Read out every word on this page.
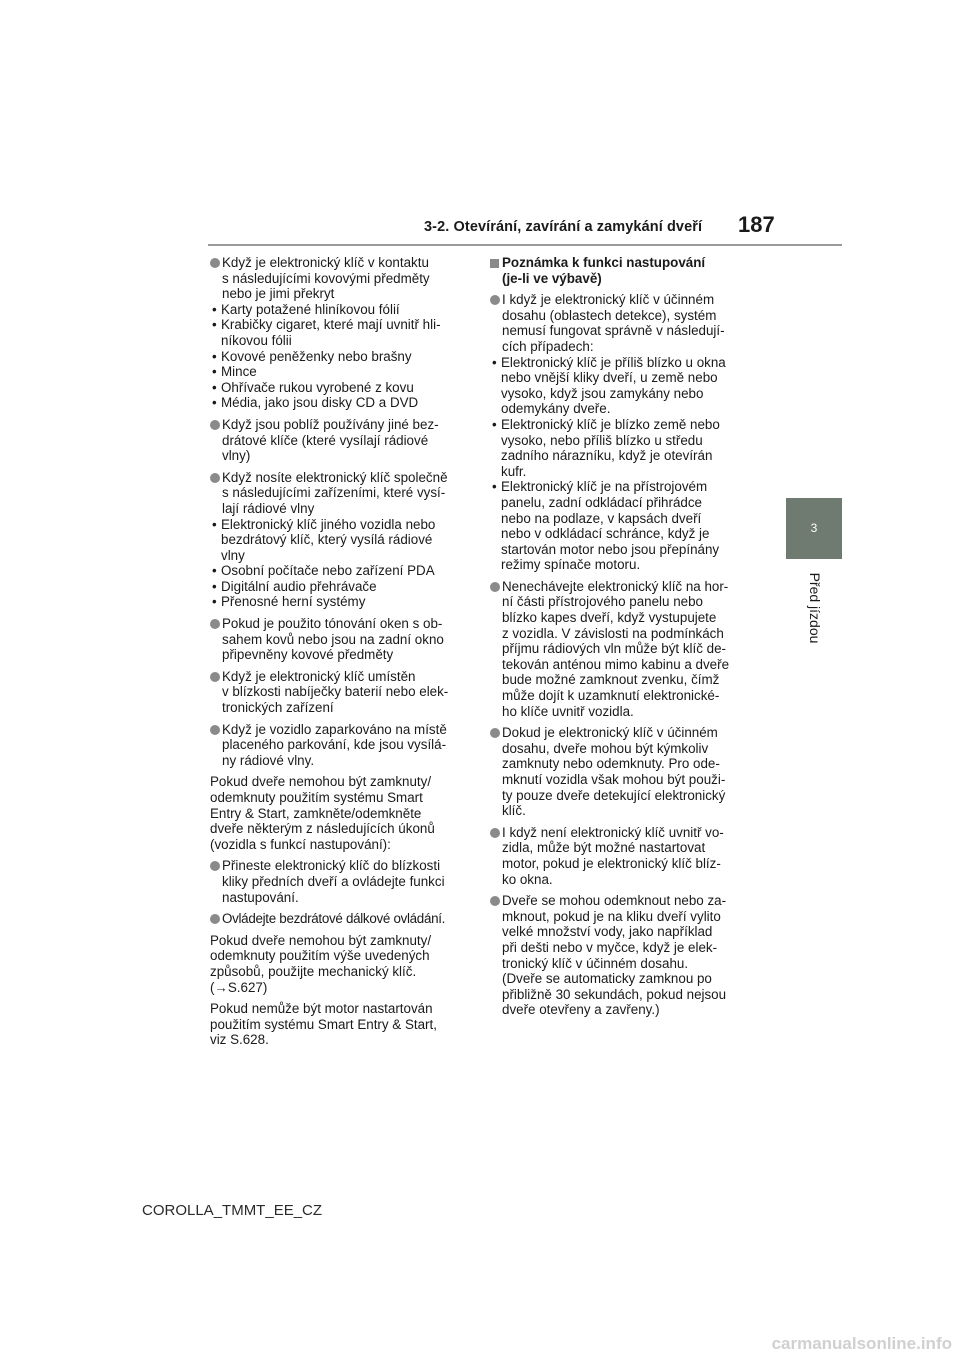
3-2. Otevírání, zavírání a zamykání dveří 187
3
Před jízdou
Když je elektronický klíč v kontaktu
s následujícími kovovými předměty
nebo je jimi překryt
• Karty potažené hliníkovou fólií
• Krabičky cigaret, které mají uvnitř hli-
níkovou fólii
• Kovové peněženky nebo brašny
• Mince
• Ohřívače rukou vyrobené z kovu
• Média, jako jsou disky CD a DVD
Když jsou poblíž používány jiné bez-
drátové klíče (které vysílají rádiové
vlny)
Když nosíte elektronický klíč společně
s následujícími zařízeními, které vysí-
lají rádiové vlny
• Elektronický klíč jiného vozidla nebo
bezdrátový klíč, který vysílá rádiové
vlny
• Osobní počítače nebo zařízení PDA
• Digitální audio přehrávače
• Přenosné herní systémy
Pokud je použito tónování oken s ob-
sahem kovů nebo jsou na zadní okno
připevněny kovové předměty
Když je elektronický klíč umístěn
v blízkosti nabíječky baterií nebo elek-
tronických zařízení
Když je vozidlo zaparkováno na místě
placeného parkování, kde jsou vysílá-
ny rádiové vlny.
Pokud dveře nemohou být zamknuty/
odemknuty použitím systému Smart
Entry & Start, zamkněte/odemkněte
dveře některým z následujících úkonů
(vozidla s funkcí nastupování):
Přineste elektronický klíč do blízkosti
kliky předních dveří a ovládejte funkci
nastupování.
Ovládejte bezdrátové dálkové ovládání.
Pokud dveře nemohou být zamknuty/
odemknuty použitím výše uvedených
způsobů, použijte mechanický klíč.
(→S.627)
Pokud nemůže být motor nastartován
použitím systému Smart Entry & Start,
viz S.628.
Poznámka k funkci nastupování
(je-li ve výbavě)
I když je elektronický klíč v účinném
dosahu (oblastech detekce), systém
nemusí fungovat správně v následují-
cích případech:
• Elektronický klíč je příliš blízko u okna
nebo vnější kliky dveří, u země nebo
vysoko, když jsou zamykány nebo
odemykány dveře.
• Elektronický klíč je blízko země nebo
vysoko, nebo příliš blízko u středu
zadního nárazníku, když je otevírán
kufr.
• Elektronický klíč je na přístrojovém
panelu, zadní odkládací přihrádce
nebo na podlaze, v kapsách dveří
nebo v odkládací schránce, když je
startován motor nebo jsou přepínány
režimy spínače motoru.
Nenechávejte elektronický klíč na hor-
ní části přístrojového panelu nebo
blízko kapes dveří, když vystupujete
z vozidla. V závislosti na podmínkách
příjmu rádiových vln může být klíč de-
tekován anténou mimo kabinu a dveře
bude možné zamknout zvenku, čímž
může dojít k uzamknutí elektronické-
ho klíče uvnitř vozidla.
Dokud je elektronický klíč v účinném
dosahu, dveře mohou být kýmkoliv
zamknuty nebo odemknuty. Pro ode-
mknutí vozidla však mohou být použi-
ty pouze dveře detekující elektronický
klíč.
I když není elektronický klíč uvnitř vo-
zidla, může být možné nastartovat
motor, pokud je elektronický klíč blíz-
ko okna.
Dveře se mohou odemknout nebo za-
mknout, pokud je na kliku dveří vylito
velké množství vody, jako například
při dešti nebo v myčce, když je elek-
tronický klíč v účinném dosahu.
(Dveře se automaticky zamknou po
přibližně 30 sekundách, pokud nejsou
dveře otevřeny a zavřeny.)
COROLLA_TMMT_EE_CZ
carmanualsonline.info
